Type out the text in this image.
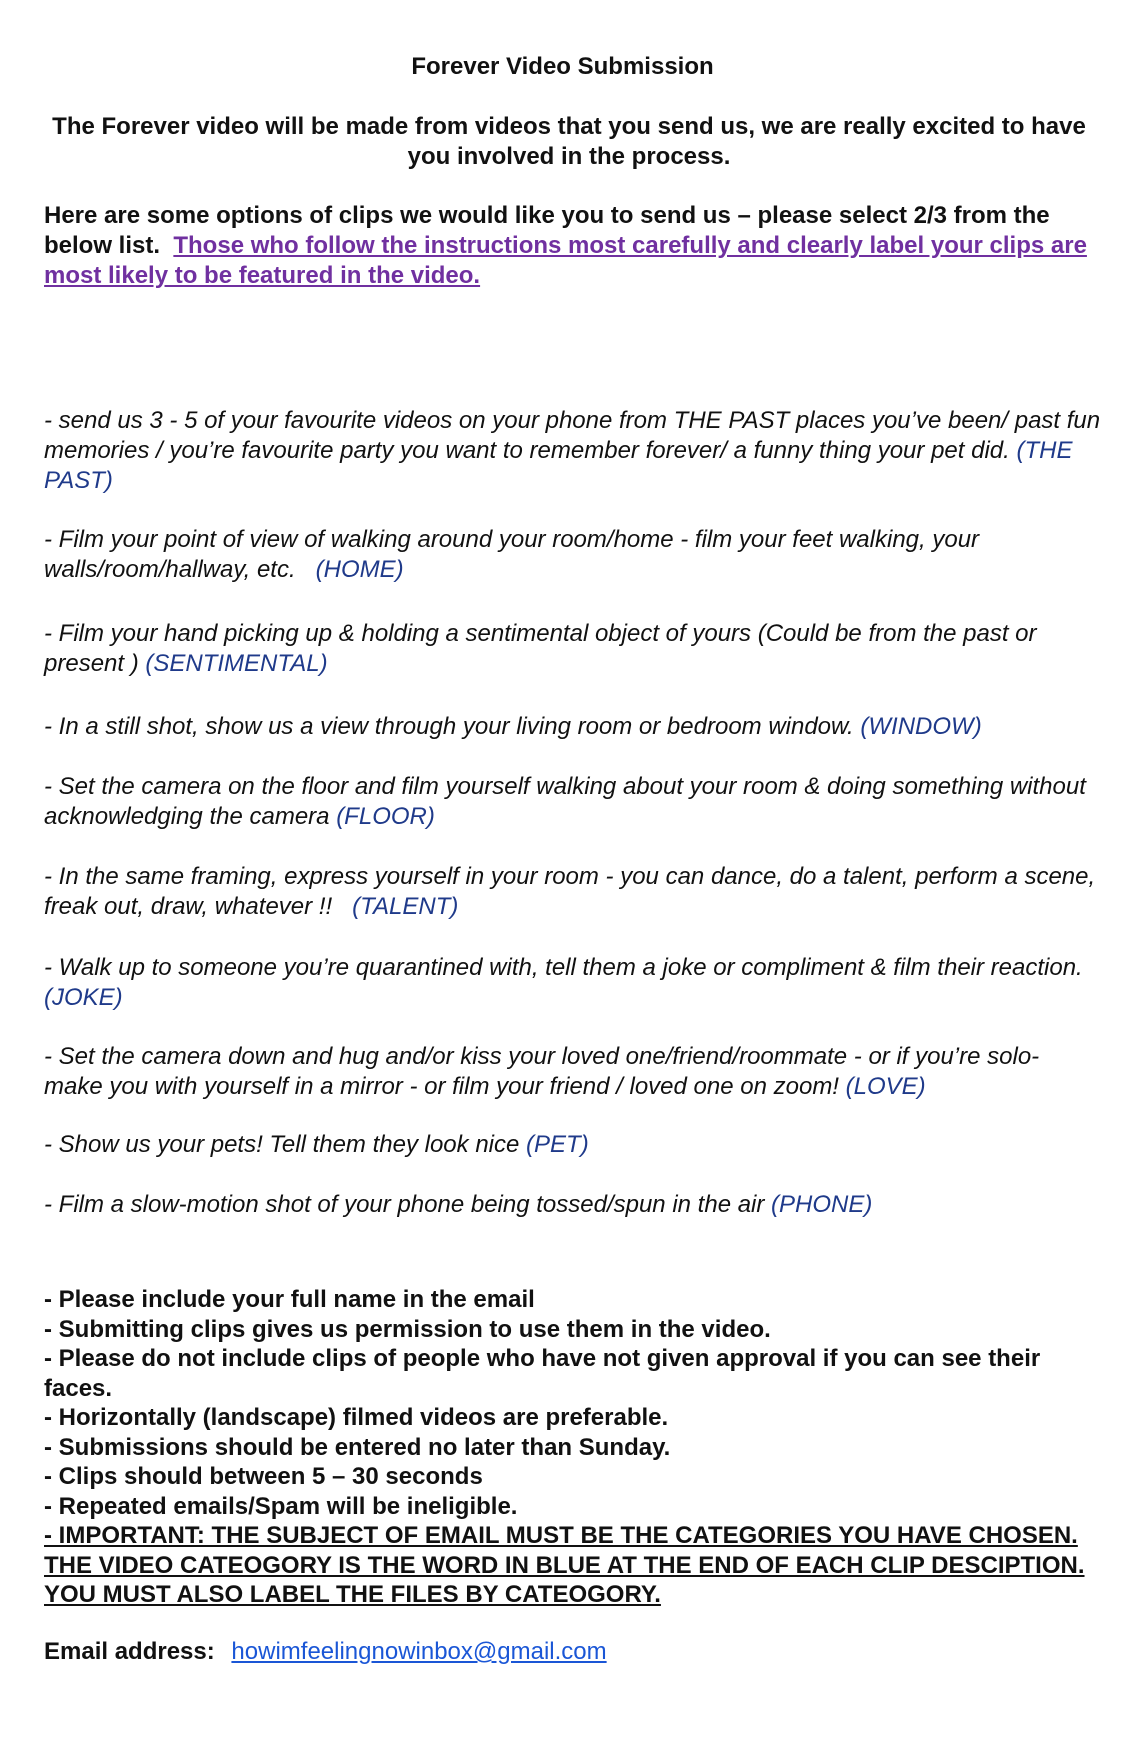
Forever Video Submission
The Forever video will be made from videos that you send us, we are really excited to have you involved in the process.
Here are some options of clips we would like you to send us – please select 2/3 from the below list. Those who follow the instructions most carefully and clearly label your clips are most likely to be featured in the video.
- send us 3 - 5 of your favourite videos on your phone from THE PAST places you’ve been/ past fun memories / you’re favourite party you want to remember forever/ a funny thing your pet did. (THE PAST)
- Film your point of view of walking around your room/home - film your feet walking, your walls/room/hallway, etc. (HOME)
- Film your hand picking up & holding a sentimental object of yours (Could be from the past or present ) (SENTIMENTAL)
- In a still shot, show us a view through your living room or bedroom window. (WINDOW)
- Set the camera on the floor and film yourself walking about your room & doing something without acknowledging the camera (FLOOR)
- In the same framing, express yourself in your room - you can dance, do a talent, perform a scene, freak out, draw, whatever !! (TALENT)
- Walk up to someone you’re quarantined with, tell them a joke or compliment & film their reaction. (JOKE)
- Set the camera down and hug and/or kiss your loved one/friend/roommate - or if you’re solo- make you with yourself in a mirror - or film your friend / loved one on zoom! (LOVE)
- Show us your pets! Tell them they look nice (PET)
- Film a slow-motion shot of your phone being tossed/spun in the air (PHONE)
- Please include your full name in the email
- Submitting clips gives us permission to use them in the video.
- Please do not include clips of people who have not given approval if you can see their faces.
- Horizontally (landscape) filmed videos are preferable.
- Submissions should be entered no later than Sunday.
- Clips should between 5 – 30 seconds
- Repeated emails/Spam will be ineligible.
- IMPORTANT: THE SUBJECT OF EMAIL MUST BE THE CATEGORIES YOU HAVE CHOSEN. THE VIDEO CATEOGORY IS THE WORD IN BLUE AT THE END OF EACH CLIP DESCIPTION. YOU MUST ALSO LABEL THE FILES BY CATEOGORY.
Email address: howimfeelingnowinbox@gmail.com
